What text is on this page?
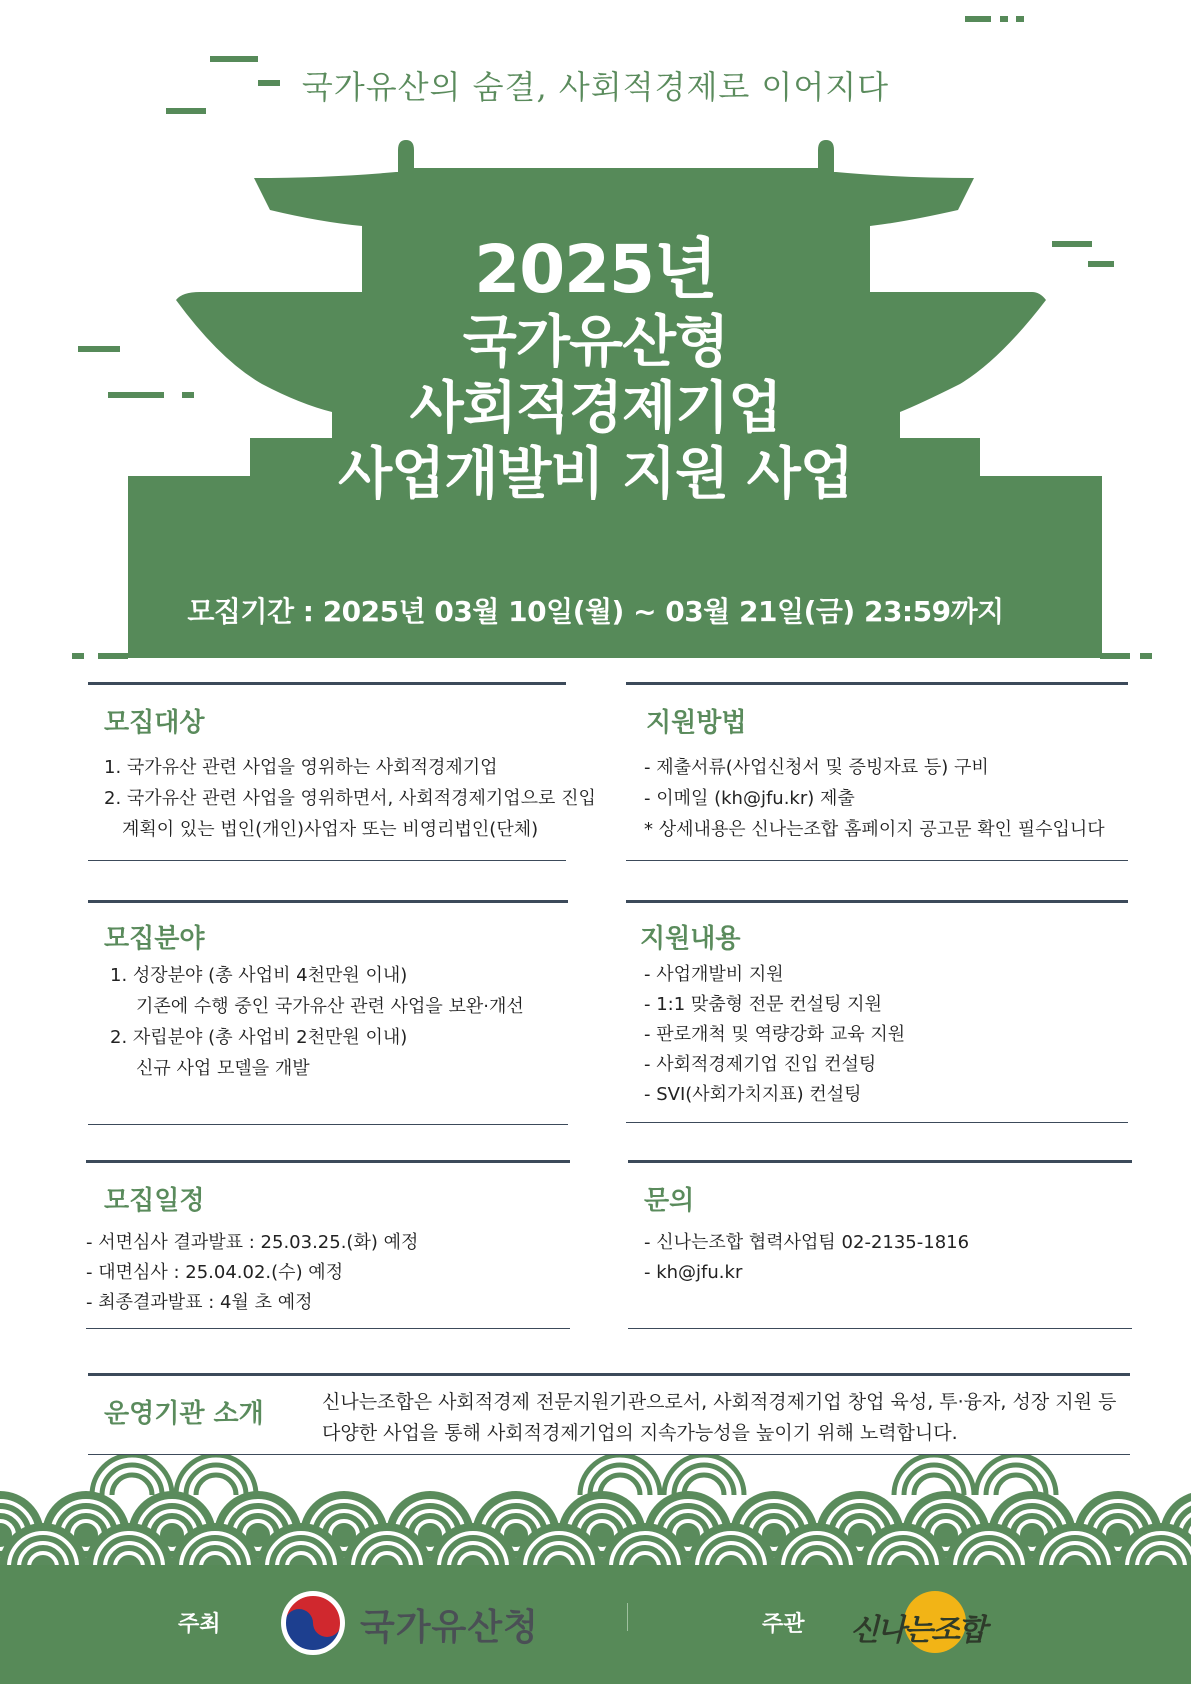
국가유산의 숨결, 사회적경제로 이어지다
2025년
국가유산형
사회적경제기업
사업개발비 지원 사업
모집기간 : 2025년 03월 10일(월) ~ 03월 21일(금) 23:59까지
모집대상
1. 국가유산 관련 사업을 영위하는 사회적경제기업
2. 국가유산 관련 사업을 영위하면서, 사회적경제기업으로 진입
계획이 있는 법인(개인)사업자 또는 비영리법인(단체)
지원방법
- 제출서류(사업신청서 및 증빙자료 등) 구비
- 이메일 (kh@jfu.kr) 제출
* 상세내용은 신나는조합 홈페이지 공고문 확인 필수입니다
모집분야
1. 성장분야 (총 사업비 4천만원 이내)
기존에 수행 중인 국가유산 관련 사업을 보완·개선
2. 자립분야 (총 사업비 2천만원 이내)
신규 사업 모델을 개발
지원내용
- 사업개발비 지원
- 1:1 맞춤형 전문 컨설팅 지원
- 판로개척 및 역량강화 교육 지원
- 사회적경제기업 진입 컨설팅
- SVI(사회가치지표) 컨설팅
모집일정
- 서면심사 결과발표 : 25.03.25.(화) 예정
- 대면심사 : 25.04.02.(수) 예정
- 최종결과발표 : 4월 초 예정
문의
- 신나는조합 협력사업팀 02-2135-1816
- kh@jfu.kr
운영기관 소개	신나는조합은 사회적경제 전문지원기관으로서, 사회적경제기업 창업 육성, 투·융자, 성장 지원 등 다양한 사업을 통해 사회적경제기업의 지속가능성을 높이기 위해 노력합니다.

주최	국가유산청	주관 신나는조합
